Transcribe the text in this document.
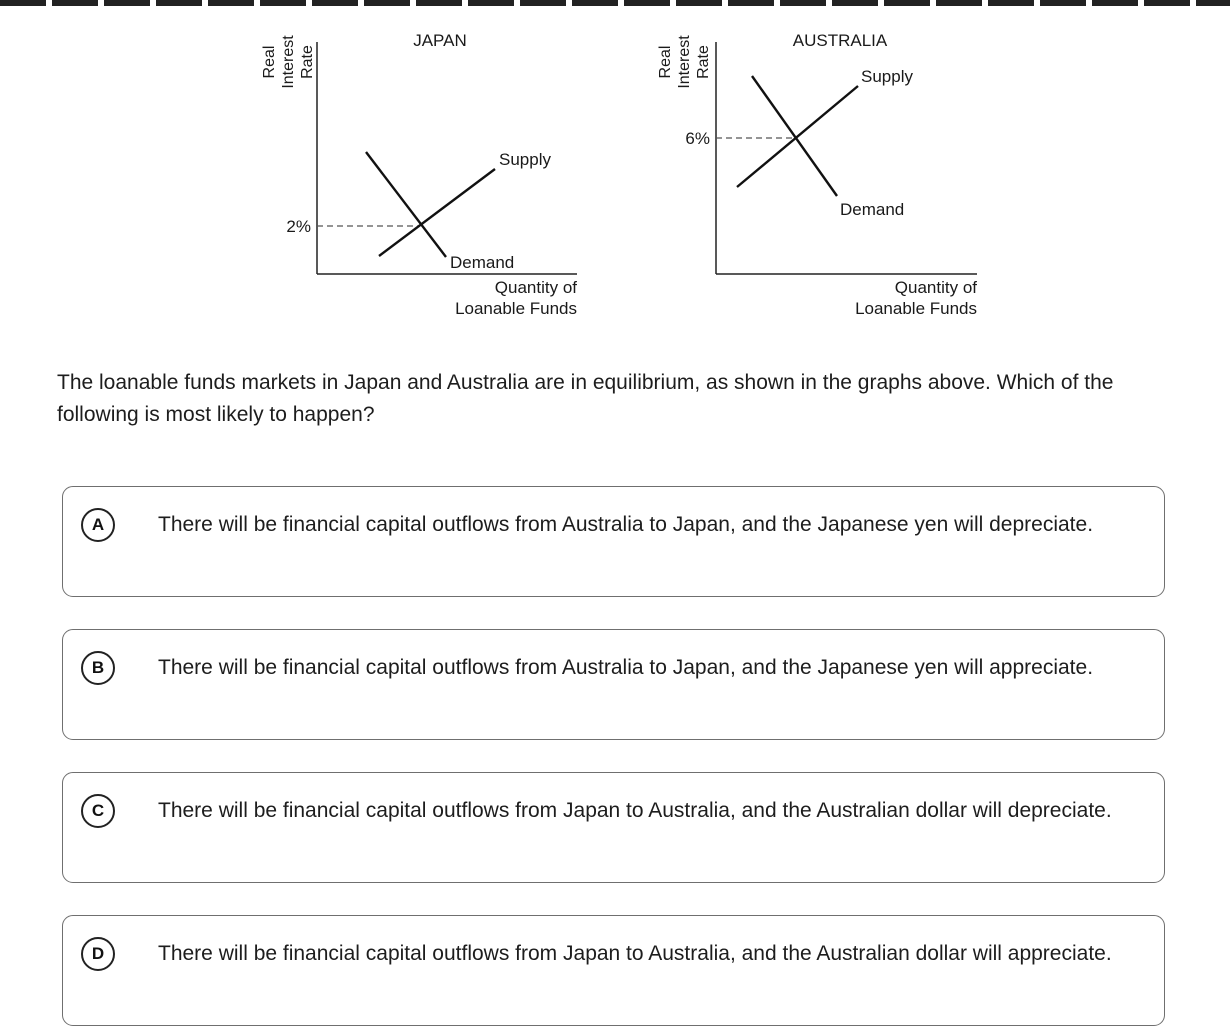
JAPAN
Real Interest Rate
2%
Supply
Demand
Quantity of
Loanable Funds
AUSTRALIA
Real Interest Rate
6%
Supply
Demand
Quantity of
Loanable Funds
The loanable funds markets in Japan and Australia are in equilibrium, as shown in the graphs above. Which of the following is most likely to happen?
A	There will be financial capital outflows from Australia to Japan, and the Japanese yen will depreciate.
B	There will be financial capital outflows from Australia to Japan, and the Japanese yen will appreciate.
C	There will be financial capital outflows from Japan to Australia, and the Australian dollar will depreciate.
D	There will be financial capital outflows from Japan to Australia, and the Australian dollar will appreciate.
